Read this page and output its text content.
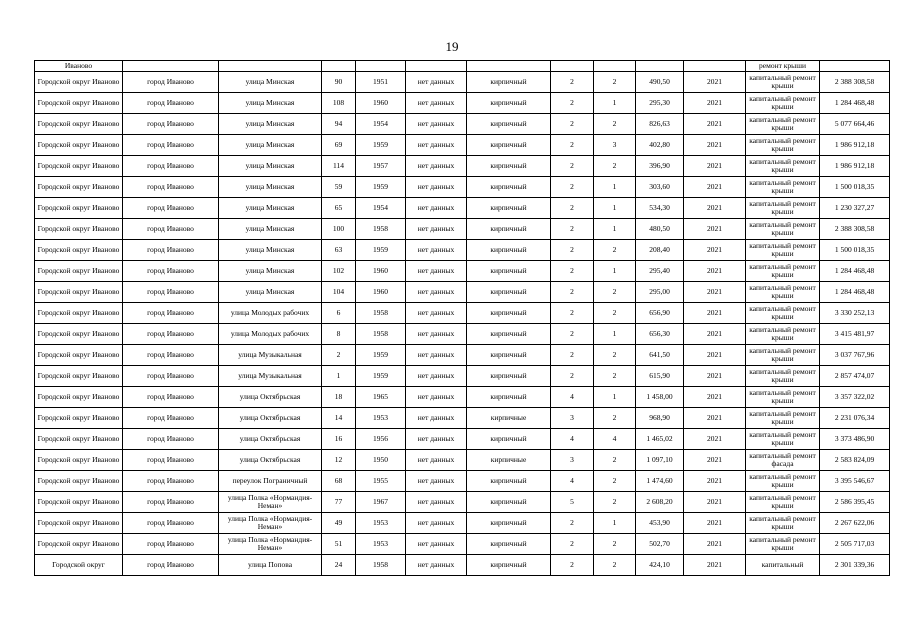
19
Иваново											ремонт крыши	
Городской округ Иваново	город Иваново	улица Минская	90	1951	нет данных	кирпичный	2	2	490,50	2021	капитальный ремонт крыши	2 388 308,58
Городской округ Иваново	город Иваново	улица Минская	108	1960	нет данных	кирпичный	2	1	295,30	2021	капитальный ремонт крыши	1 284 468,48
Городской округ Иваново	город Иваново	улица Минская	94	1954	нет данных	кирпичный	2	2	826,63	2021	капитальный ремонт крыши	5 077 664,46
Городской округ Иваново	город Иваново	улица Минская	69	1959	нет данных	кирпичный	2	3	402,80	2021	капитальный ремонт крыши	1 986 912,18
Городской округ Иваново	город Иваново	улица Минская	114	1957	нет данных	кирпичный	2	2	396,90	2021	капитальный ремонт крыши	1 986 912,18
Городской округ Иваново	город Иваново	улица Минская	59	1959	нет данных	кирпичный	2	1	303,60	2021	капитальный ремонт крыши	1 500 018,35
Городской округ Иваново	город Иваново	улица Минская	65	1954	нет данных	кирпичный	2	1	534,30	2021	капитальный ремонт крыши	1 230 327,27
Городской округ Иваново	город Иваново	улица Минская	100	1958	нет данных	кирпичный	2	1	480,50	2021	капитальный ремонт крыши	2 388 308,58
Городской округ Иваново	город Иваново	улица Минская	63	1959	нет данных	кирпичный	2	2	208,40	2021	капитальный ремонт крыши	1 500 018,35
Городской округ Иваново	город Иваново	улица Минская	102	1960	нет данных	кирпичный	2	1	295,40	2021	капитальный ремонт крыши	1 284 468,48
Городской округ Иваново	город Иваново	улица Минская	104	1960	нет данных	кирпичный	2	2	295,00	2021	капитальный ремонт крыши	1 284 468,48
Городской округ Иваново	город Иваново	улица Молодых рабочих	6	1958	нет данных	кирпичный	2	2	656,90	2021	капитальный ремонт крыши	3 330 252,13
Городской округ Иваново	город Иваново	улица Молодых рабочих	8	1958	нет данных	кирпичный	2	1	656,30	2021	капитальный ремонт крыши	3 415 481,97
Городской округ Иваново	город Иваново	улица Музыкальная	2	1959	нет данных	кирпичный	2	2	641,50	2021	капитальный ремонт крыши	3 037 767,96
Городской округ Иваново	город Иваново	улица Музыкальная	1	1959	нет данных	кирпичный	2	2	615,90	2021	капитальный ремонт крыши	2 857 474,07
Городской округ Иваново	город Иваново	улица Октябрьская	18	1965	нет данных	кирпичный	4	1	1 458,00	2021	капитальный ремонт крыши	3 357 322,02
Городской округ Иваново	город Иваново	улица Октябрьская	14	1953	нет данных	кирпичные	3	2	968,90	2021	капитальный ремонт крыши	2 231 076,34
Городской округ Иваново	город Иваново	улица Октябрьская	16	1956	нет данных	кирпичный	4	4	1 465,02	2021	капитальный ремонт крыши	3 373 486,90
Городской округ Иваново	город Иваново	улица Октябрьская	12	1950	нет данных	кирпичные	3	2	1 097,10	2021	капитальный ремонт фасада	2 583 824,09
Городской округ Иваново	город Иваново	переулок Пограничный	68	1955	нет данных	кирпичный	4	2	1 474,60	2021	капитальный ремонт крыши	3 395 546,67
Городской округ Иваново	город Иваново	улица Полка «Нормандия-Неман»	77	1967	нет данных	кирпичный	5	2	2 608,20	2021	капитальный ремонт крыши	2 586 395,45
Городской округ Иваново	город Иваново	улица Полка «Нормандия-Неман»	49	1953	нет данных	кирпичный	2	1	453,90	2021	капитальный ремонт крыши	2 267 622,06
Городской округ Иваново	город Иваново	улица Полка «Нормандия-Неман»	51	1953	нет данных	кирпичный	2	2	502,70	2021	капитальный ремонт крыши	2 505 717,03
Городской округ	город Иваново	улица Попова	24	1958	нет данных	кирпичный	2	2	424,10	2021	капитальный	2 301 339,36
